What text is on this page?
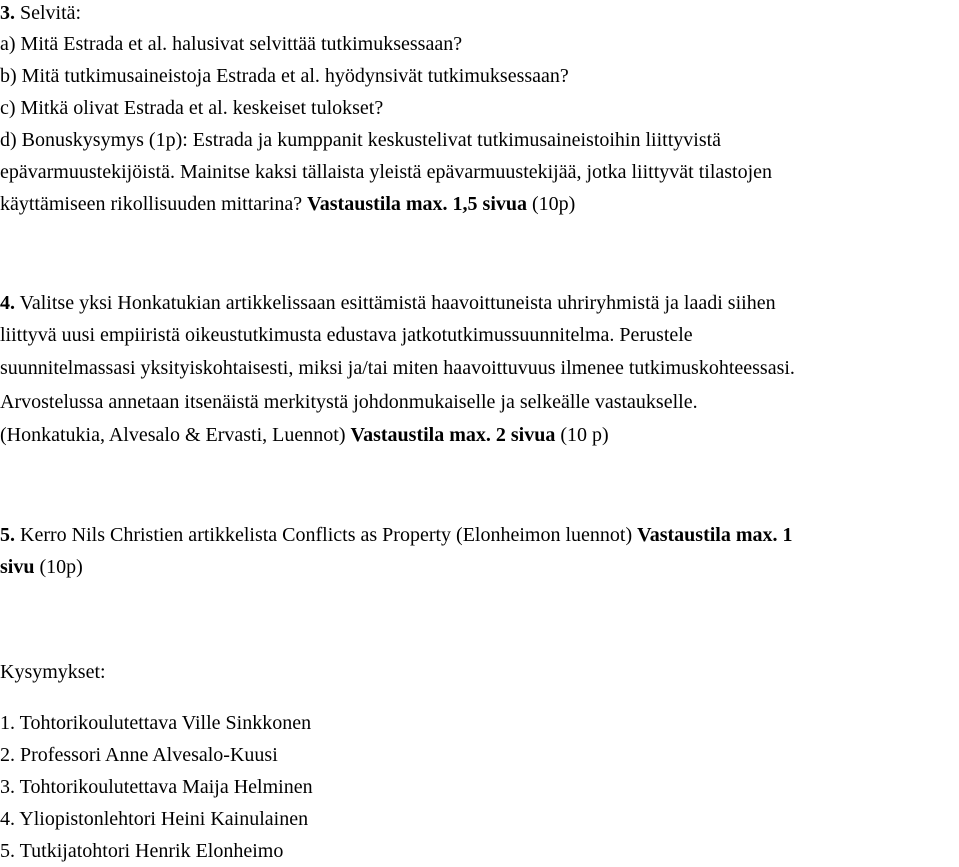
3. Selvitä:
a) Mitä Estrada et al. halusivat selvittää tutkimuksessaan?
b) Mitä tutkimusaineistoja Estrada et al. hyödynsivät tutkimuksessaan?
c) Mitkä olivat Estrada et al. keskeiset tulokset?
d) Bonuskysymys (1p): Estrada ja kumppanit keskustelivat tutkimusaineistoihin liittyvistä
epävarmuustekijöistä. Mainitse kaksi tällaista yleistä epävarmuustekijää, jotka liittyvät tilastojen
käyttämiseen rikollisuuden mittarina? Vastaustila max. 1,5 sivua (10p)
4. Valitse yksi Honkatukian artikkelissaan esittämistä haavoittuneista uhriryhmistä ja laadi siihen
liittyvä uusi empiiristä oikeustutkimusta edustava jatkotutkimussuunnitelma. Perustele
suunnitelmassasi yksityiskohtaisesti, miksi ja/tai miten haavoittuvuus ilmenee tutkimuskohteessasi.
Arvostelussa annetaan itsenäistä merkitystä johdonmukaiselle ja selkeälle vastaukselle.
(Honkatukia, Alvesalo & Ervasti, Luennot) Vastaustila max. 2 sivua (10 p)
5. Kerro Nils Christien artikkelista Conflicts as Property (Elonheimon luennot) Vastaustila max. 1
sivu (10p)
Kysymykset:
1. Tohtorikoulutettava Ville Sinkkonen
2. Professori Anne Alvesalo-Kuusi
3. Tohtorikoulutettava Maija Helminen
4. Yliopistonlehtori Heini Kainulainen
5. Tutkijatohtori Henrik Elonheimo
